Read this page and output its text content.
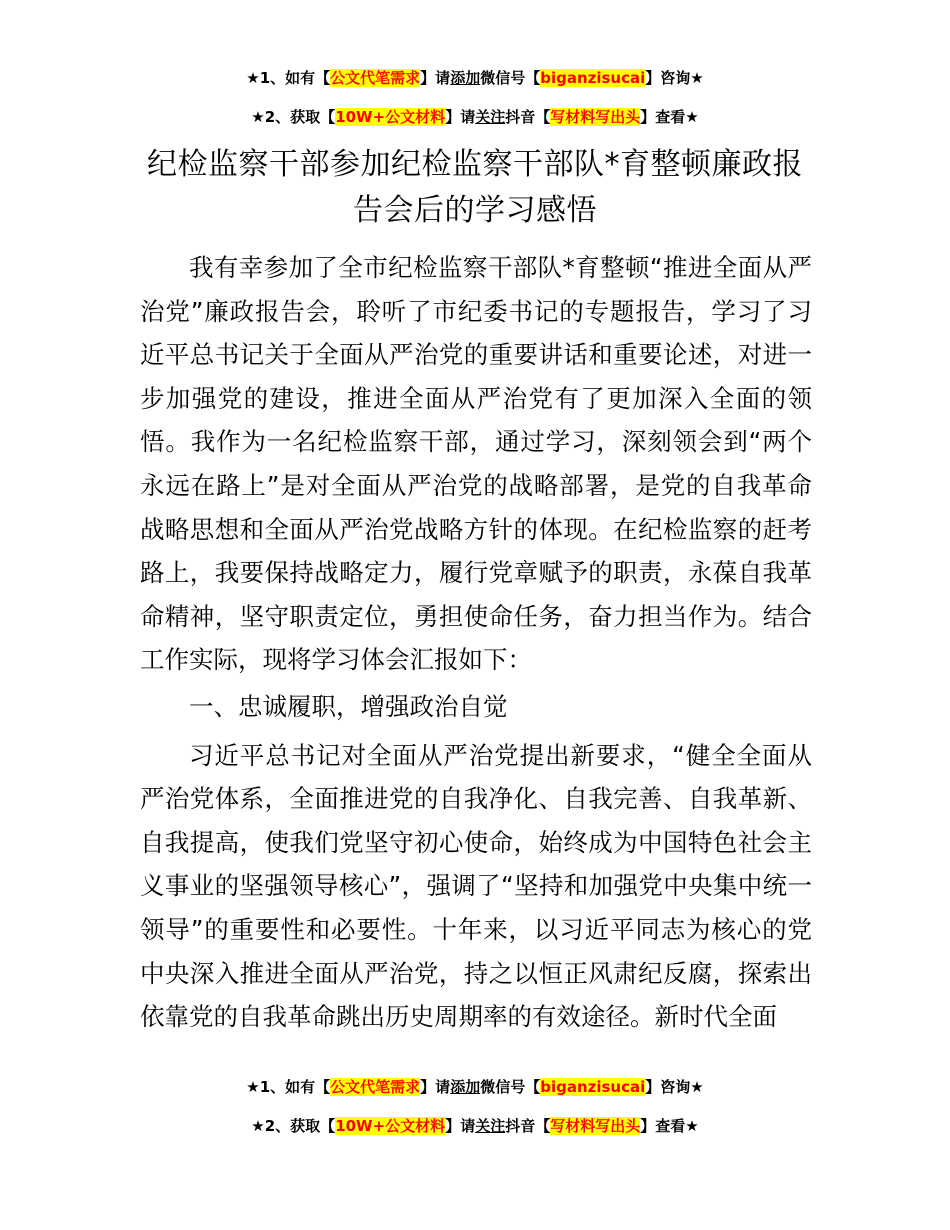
★1、如有【公文代笔需求】请添加微信号【biganzisucai】咨询★
★2、获取【10W+公文材料】请关注抖音【写材料写出头】查看★
纪检监察干部参加纪检监察干部队*育整顿廉政报告会后的学习感悟

我有幸参加了全市纪检监察干部队*育整顿“推进全面从严治党”廉政报告会，聆听了市纪委书记的专题报告，学习了习近平总书记关于全面从严治党的重要讲话和重要论述，对进一步加强党的建设，推进全面从严治党有了更加深入全面的领悟。我作为一名纪检监察干部，通过学习，深刻领会到“两个永远在路上”是对全面从严治党的战略部署，是党的自我革命战略思想和全面从严治党战略方针的体现。在纪检监察的赶考路上，我要保持战略定力，履行党章赋予的职责，永葆自我革命精神，坚守职责定位，勇担使命任务，奋力担当作为。结合工作实际，现将学习体会汇报如下：

一、忠诚履职，增强政治自觉

习近平总书记对全面从严治党提出新要求，“健全全面从严治党体系，全面推进党的自我净化、自我完善、自我革新、自我提高，使我们党坚守初心使命，始终成为中国特色社会主义事业的坚强领导核心”，强调了“坚持和加强党中央集中统一领导”的重要性和必要性。十年来，以习近平同志为核心的党中央深入推进全面从严治党，持之以恒正风肃纪反腐，探索出依靠党的自我革命跳出历史周期率的有效途径。新时代全面

★1、如有【公文代笔需求】请添加微信号【biganzisucai】咨询★
★2、获取【10W+公文材料】请关注抖音【写材料写出头】查看★
